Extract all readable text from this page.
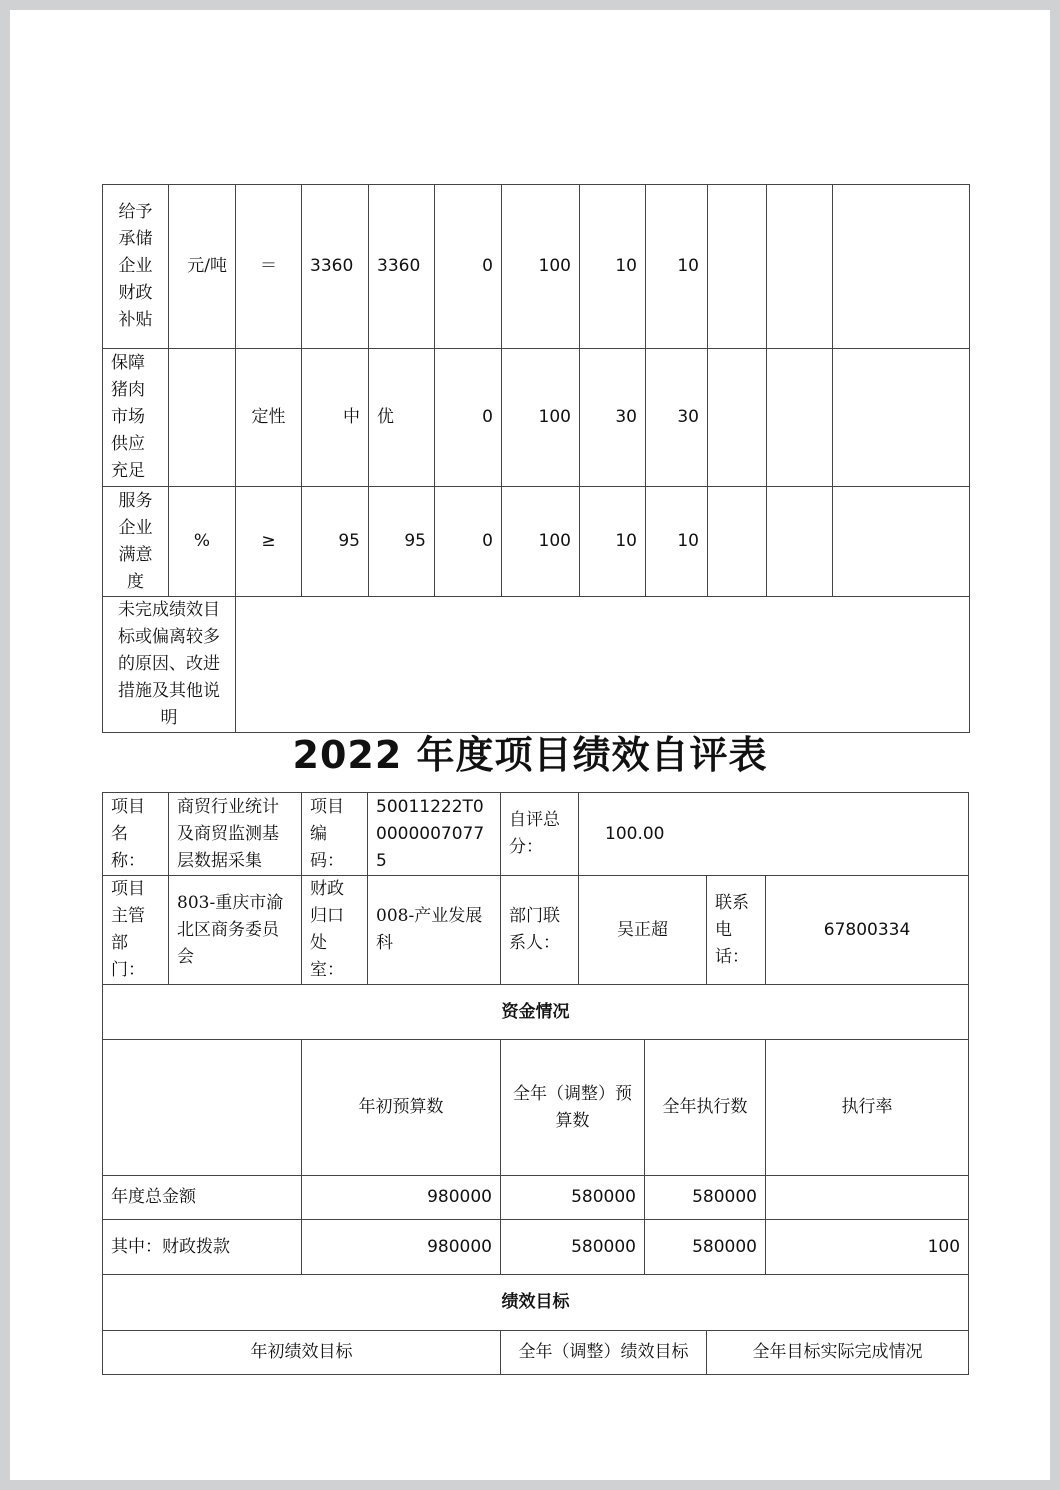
给予承储企业财政补贴	元/吨	＝	3360	3360	0	100	10	10			
保障猪肉市场供应充足		定性	中	优	0	100	30	30			
服务企业满意度	%	≥	95	95	0	100	10	10			
未完成绩效目标或偏离较多的原因、改进措施及其他说明											
2022 年度项目绩效自评表
项目名称：	商贸行业统计及商贸监测基层数据采集	项目编码：	50011222T000000070775	自评总分：	100.00				
项目主管部门：	803-重庆市渝北区商务委员会	财政归口处室：	008-产业发展科	部门联系人：	吴正超		联系电话：	67800334	
资金情况									
		年初预算数		全年（调整）预算数		全年执行数		执行率		
年度总金额		980000		580000		580000			
其中：财政拨款		980000		580000		580000		100		
绩效目标									
年初绩效目标				全年（调整）绩效目标			全年目标实际完成情况		
